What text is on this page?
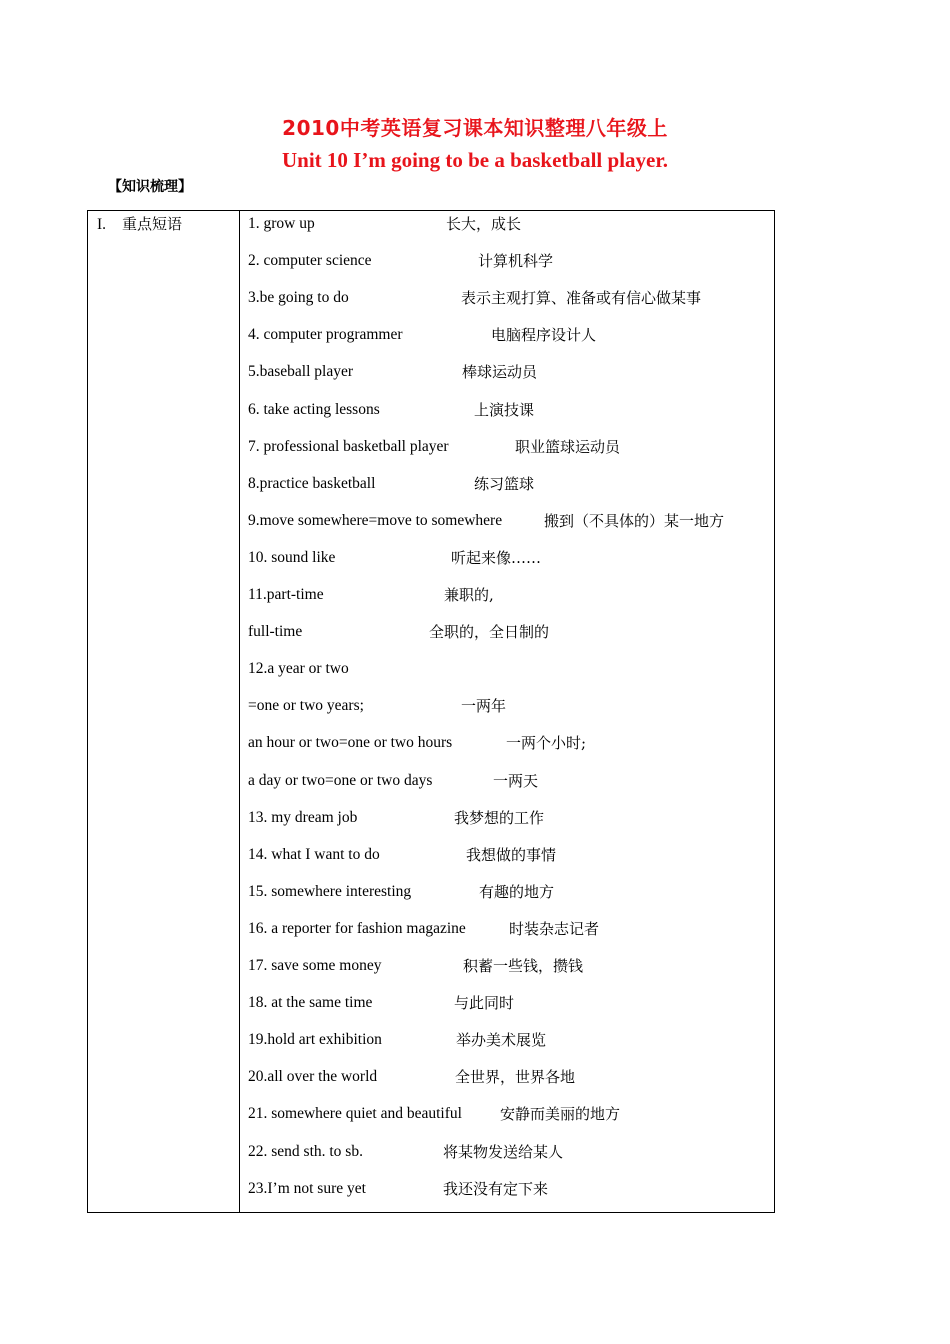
2010中考英语复习课本知识整理八年级上
Unit 10 I’m going to be a basketball player.
【知识梳理】
I. 重点短语	1. grow up	长大，成长
2. computer science	计算机科学
3.be going to do	表示主观打算、准备或有信心做某事
4. computer programmer	电脑程序设计人
5.baseball player	棒球运动员
6. take acting lessons	上演技课
7. professional basketball player	职业篮球运动员
8.practice basketball	练习篮球
9.move somewhere=move to somewhere	搬到（不具体的）某一地方
10. sound like	听起来像……
11.part-time	兼职的,
full-time	全职的，全日制的
12.a year or two
=one or two years;	一两年
an hour or two=one or two hours	一两个小时;
a day or two=one or two days	一两天
13. my dream job	我梦想的工作
14. what I want to do	我想做的事情
15. somewhere interesting	有趣的地方
16. a reporter for fashion magazine	时装杂志记者
17. save some money	积蓄一些钱，攒钱
18. at the same time	与此同时
19.hold art exhibition	举办美术展览
20.all over the world	全世界，世界各地
21. somewhere quiet and beautiful	安静而美丽的地方
22. send sth. to sb.	将某物发送给某人
23.I’m not sure yet	我还没有定下来
